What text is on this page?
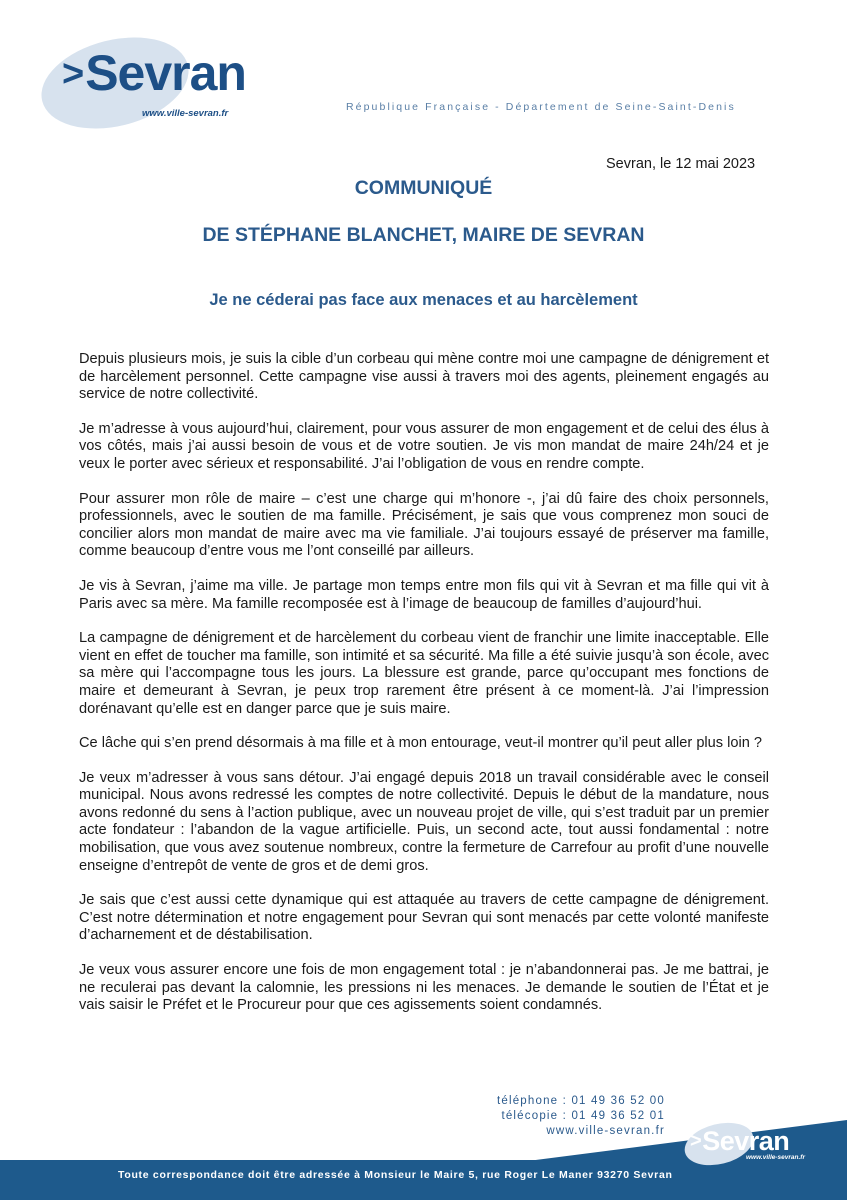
>Sevran
www.ville-sevran.fr
République Française - Département de Seine-Saint-Denis
Sevran, le 12 mai 2023
COMMUNIQUÉ
DE STÉPHANE BLANCHET, MAIRE DE SEVRAN
Je ne céderai pas face aux menaces et au harcèlement

Depuis plusieurs mois, je suis la cible d’un corbeau qui mène contre moi une campagne de dénigrement et de harcèlement personnel. Cette campagne vise aussi à travers moi des agents, pleinement engagés au service de notre collectivité.

Je m’adresse à vous aujourd’hui, clairement, pour vous assurer de mon engagement et de celui des élus à vos côtés, mais j’ai aussi besoin de vous et de votre soutien. Je vis mon mandat de maire 24h/24 et je veux le porter avec sérieux et responsabilité. J’ai l’obligation de vous en rendre compte.

Pour assurer mon rôle de maire – c’est une charge qui m’honore -, j’ai dû faire des choix personnels, professionnels, avec le soutien de ma famille. Précisément, je sais que vous comprenez mon souci de concilier alors mon mandat de maire avec ma vie familiale. J’ai toujours essayé de préserver ma famille, comme beaucoup d’entre vous me l’ont conseillé par ailleurs.

Je vis à Sevran, j’aime ma ville. Je partage mon temps entre mon fils qui vit à Sevran et ma fille qui vit à Paris avec sa mère. Ma famille recomposée est à l’image de beaucoup de familles d’aujourd’hui.

La campagne de dénigrement et de harcèlement du corbeau vient de franchir une limite inacceptable. Elle vient en effet de toucher ma famille, son intimité et sa sécurité. Ma fille a été suivie jusqu’à son école, avec sa mère qui l’accompagne tous les jours. La blessure est grande, parce qu’occupant mes fonctions de maire et demeurant à Sevran, je peux trop rarement être présent à ce moment-là. J’ai l’impression dorénavant qu’elle est en danger parce que je suis maire.

Ce lâche qui s’en prend désormais à ma fille et à mon entourage, veut-il montrer qu’il peut aller plus loin ?

Je veux m’adresser à vous sans détour. J’ai engagé depuis 2018 un travail considérable avec le conseil municipal. Nous avons redressé les comptes de notre collectivité. Depuis le début de la mandature, nous avons redonné du sens à l’action publique, avec un nouveau projet de ville, qui s’est traduit par un premier acte fondateur : l’abandon de la vague artificielle. Puis, un second acte, tout aussi fondamental : notre mobilisation, que vous avez soutenue nombreux, contre la fermeture de Carrefour au profit d’une nouvelle enseigne d’entrepôt de vente de gros et de demi gros.

Je sais que c’est aussi cette dynamique qui est attaquée au travers de cette campagne de dénigrement. C’est notre détermination et notre engagement pour Sevran qui sont menacés par cette volonté manifeste d’acharnement et de déstabilisation.

Je veux vous assurer encore une fois de mon engagement total : je n’abandonnerai pas. Je me battrai, je ne reculerai pas devant la calomnie, les pressions ni les menaces. Je demande le soutien de l’État et je vais saisir le Préfet et le Procureur pour que ces agissements soient condamnés.

téléphone : 01 49 36 52 00
télécopie : 01 49 36 52 01
www.ville-sevran.fr
Toute correspondance doit être adressée à Monsieur le Maire 5, rue Roger Le Maner 93270 Sevran
>Sevran
www.ville-sevran.fr
